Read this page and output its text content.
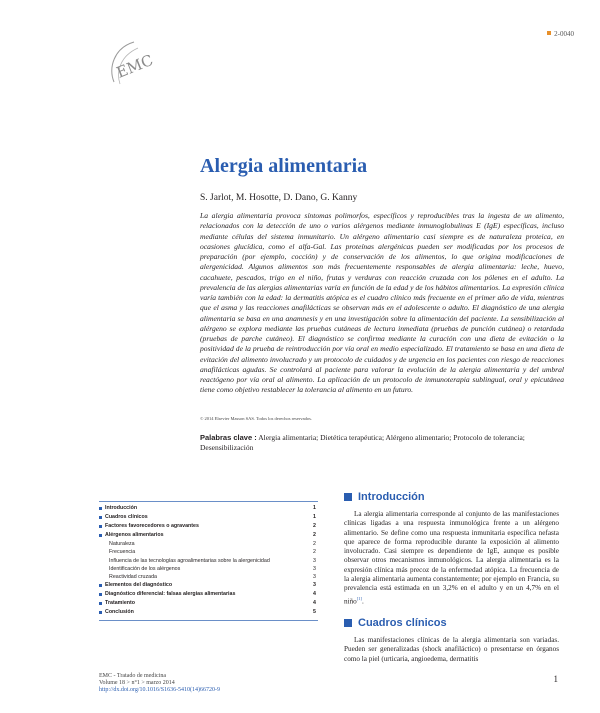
2-0040
EMC
Alergia alimentaria
S. Jarlot, M. Hosotte, D. Dano, G. Kanny

La alergia alimentaria provoca síntomas polimorfos, específicos y reproducibles tras la ingesta de un alimento, relacionados con la detección de uno o varios alérgenos mediante inmunoglobulinas E (IgE) específicas, incluso mediante células del sistema inmunitario. Un alérgeno alimentario casi siempre es de naturaleza proteica, en ocasiones glucídica, como el alfa-Gal. Las proteínas alergénicas pueden ser modificadas por los procesos de preparación (por ejemplo, cocción) y de conservación de los alimentos, lo que origina modificaciones de alergenicidad. Algunos alimentos son más frecuentemente responsables de alergia alimentaria: leche, huevo, cacahuete, pescados, trigo en el niño, frutas y verduras con reacción cruzada con los pólenes en el adulto. La prevalencia de las alergias alimentarias varía en función de la edad y de los hábitos alimentarios. La expresión clínica varía también con la edad: la dermatitis atópica es el cuadro clínico más frecuente en el primer año de vida, mientras que el asma y las reacciones anafilácticas se observan más en el adolescente o adulto. El diagnóstico de una alergia alimentaria se basa en una anamnesis y en una investigación sobre la alimentación del paciente. La sensibilización al alérgeno se explora mediante las pruebas cutáneas de lectura inmediata (pruebas de punción cutánea) o retardada (pruebas de parche cutáneo). El diagnóstico se confirma mediante la curación con una dieta de evitación o la positividad de la prueba de reintroducción por vía oral en medio especializado. El tratamiento se basa en una dieta de evitación del alimento involucrado y un protocolo de cuidados y de urgencia en los pacientes con riesgo de reacciones anafilácticas agudas. Se controlará al paciente para valorar la evolución de la alergia alimentaria y del umbral reactógeno por vía oral al alimento. La aplicación de un protocolo de inmunoterapia sublingual, oral y epicutánea tiene como objetivo restablecer la tolerancia al alimento en un futuro.

© 2014 Elsevier Masson SAS. Todos los derechos reservados.
Palabras clave : Alergia alimentaria; Dietética terapéutica; Alérgeno alimentario; Protocolo de tolerancia; Desensibilización
Introducción	1
Cuadros clínicos	1
Factores favorecedores o agravantes	2
Alérgenos alimentarios	2
Naturaleza	2
Frecuencia	2
Influencia de las tecnologías agroalimentarias sobre la alergenicidad	3
Identificación de los alérgenos	3
Reactividad cruzada	3
Elementos del diagnóstico	3
Diagnóstico diferencial: falsas alergias alimentarias	4
Tratamiento	4
Conclusión	5
Introducción

La alergia alimentaria corresponde al conjunto de las manifestaciones clínicas ligadas a una respuesta inmunológica frente a un alérgeno alimentario. Se define como una respuesta inmunitaria específica nefasta que aparece de forma reproducible durante la exposición al alimento involucrado. Casi siempre es dependiente de IgE, aunque es posible observar otros mecanismos inmunológicos. La alergia alimentaria es la expresión clínica más precoz de la enfermedad atópica. La frecuencia de la alergia alimentaria aumenta constantemente; por ejemplo en Francia, su prevalencia está estimada en un 3,2% en el adulto y en un 4,7% en el niño[1].

Cuadros clínicos

Las manifestaciones clínicas de la alergia alimentaria son variadas. Pueden ser generalizadas (shock anafiláctico) o presentarse en órganos como la piel (urticaria, angioedema, dermatitis

EMC - Tratado de medicina
Volume 18 > n°1 > marzo 2014
http://dx.doi.org/10.1016/S1636-5410(14)66720-9
1
